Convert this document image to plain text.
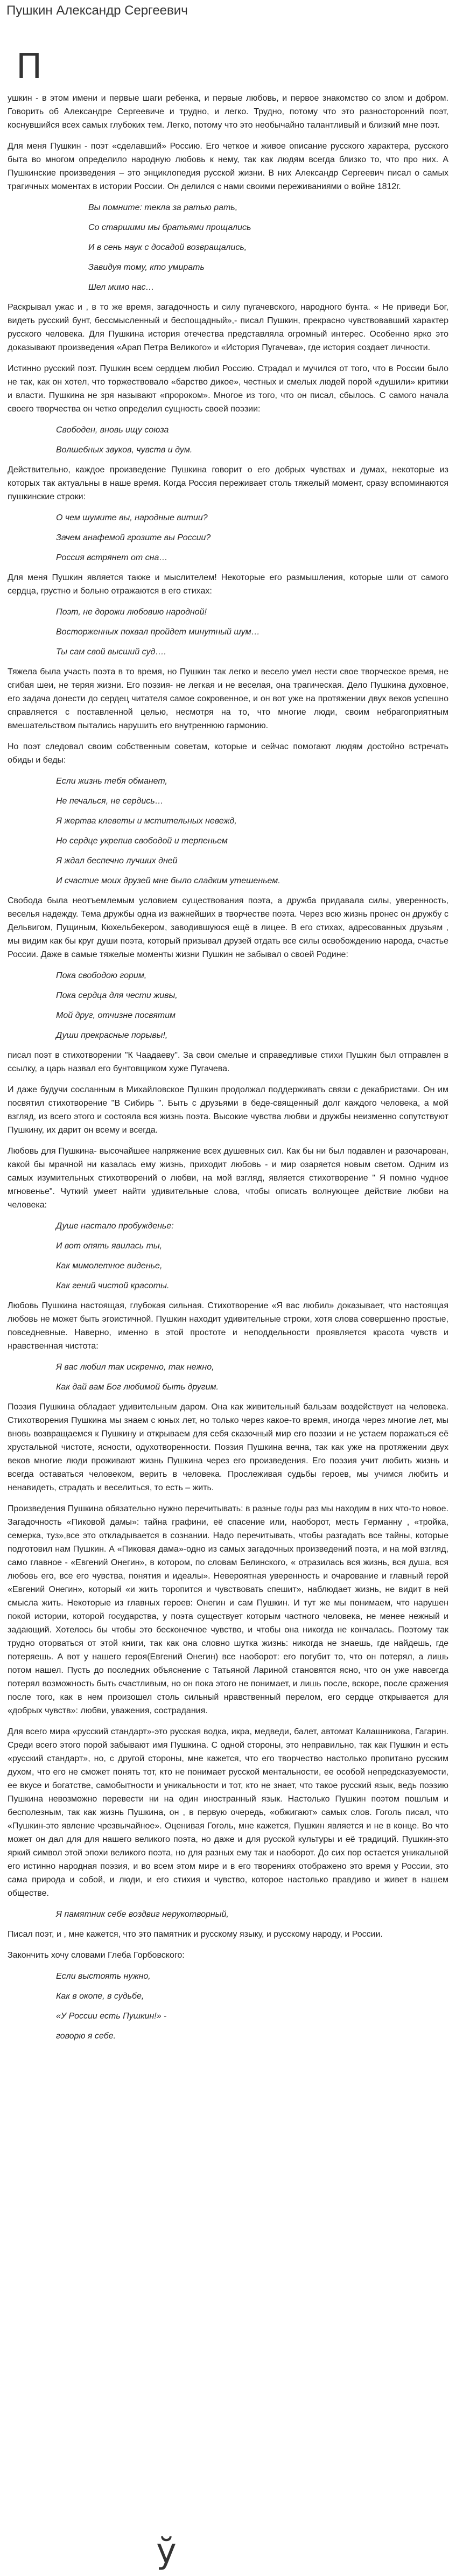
Пушкин Александр Сергеевич
П

ушкин - в этом имени и первые шаги ребенка, и первые любовь, и первое знакомство со злом и добром. Говорить об Александре Сергеевиче и трудно, и легко. Трудно, потому что это разносторонний поэт, коснувшийся всех самых глубоких тем. Легко, потому что это необычайно талантливый и близкий мне поэт.

Для меня Пушкин - поэт «сделавший» Россию. Его четкое и живое описание русского характера, русского быта во многом определило народную любовь к нему, так как людям всегда близко то, что про них. А Пушкинские произведения – это энциклопедия русской жизни. В них Александр Сергеевич писал о самых трагичных моментах в истории России. Он делился с нами своими переживаниями о войне 1812г.

Вы помните: текла за ратью рать,

Со старшими мы братьями прощались

И в сень наук с досадой возвращались,

Завидуя тому, кто умирать

Шел мимо нас…

Раскрывал ужас и , в то же время, загадочность и силу пугачевского, народного бунта. « Не приведи Бог, видеть русский бунт, бессмысленный и беспощадный»,- писал Пушкин, прекрасно чувствовавший характер русского человека. Для Пушкина история отечества представляла огромный интерес. Особенно ярко это доказывают произведения «Арап Петра Великого» и «История Пугачева», где история создает личности.

Истинно русский поэт. Пушкин всем сердцем любил Россию. Страдал и мучился от того, что в России было не так, как он хотел, что торжествовало «барство дикое», честных и смелых людей порой «душили» критики и власти. Пушкина не зря называют «пророком». Многое из того, что он писал, сбылось. С самого начала своего творчества он четко определил сущность своей поэзии:

Свободен, вновь ищу союза

Волшебных звуков, чувств и дум.

Действительно, каждое произведение Пушкина говорит о его добрых чувствах и думах, некоторые из которых так актуальны в наше время. Когда Россия переживает столь тяжелый момент, сразу вспоминаются пушкинские строки:

О чем шумите вы, народные витии?

Зачем анафемой грозите вы России?

Россия встрянет от сна…

Для меня Пушкин является также и мыслителем! Некоторые его размышления, которые шли от самого сердца, грустно и больно отражаются в его стихах:

Поэт, не дорожи любовию народной!

Восторженных похвал пройдет минутный шум…

Ты сам свой высший суд….

Тяжела была участь поэта в то время, но Пушкин так легко и весело умел нести свое творческое время, не сгибая шеи, не теряя жизни. Его поэзия- не легкая и не веселая, она трагическая. Дело Пушкина духовное, его задача донести до сердец читателя самое сокровенное, и он вот уже на протяжении двух веков успешно справляется с поставленной целью, несмотря на то, что многие люди, своим небрагоприятным вмешательством пытались нарушить его внутреннюю гармонию.

Но поэт следовал своим собственным советам, которые и сейчас помогают людям достойно встречать обиды и беды:

Если жизнь тебя обманет,

Не печалься, не сердись…

Я жертва клеветы и мстительных невежд,

Но сердце укрепив свободой и терпеньем

Я ждал беспечно лучших дней

И счастие моих друзей мне было сладким утешеньем.

Свобода была неотъемлемым условием существования поэта, а дружба придавала силы, уверенность, веселья надежду. Тема дружбы одна из важнейших в творчестве поэта. Через всю жизнь пронес он дружбу с Дельвигом, Пущиным, Кюхельбекером, заводившуюся ещё в лицее. В его стихах, адресованных друзьям , мы видим как бы круг души поэта, который призывал друзей отдать все силы освобождению народа, счастье России. Даже в самые тяжелые моменты жизни Пушкин не забывал о своей Родине:

Пока свободою горим,

Пока сердца для чести живы,

Мой друг, отчизне посвятим

Души прекрасные порывы!,

писал поэт в стихотворении "К Чаадаеву". За свои смелые и справедливые стихи Пушкин был отправлен в ссылку, а царь назвал его бунтовщиком хуже Пугачева.

И даже будучи сосланным в Михайловское Пушкин продолжал поддерживать связи с декабристами. Он им посвятил стихотворение "В Сибирь ". Быть с друзьями в беде-священный долг каждого человека, а мой взгляд, из всего этого и состояла вся жизнь поэта. Высокие чувства любви и дружбы неизменно сопутствуют Пушкину, их дарит он всему и всегда.

Любовь для Пушкина- высочайшее напряжение всех душевных сил. Как бы ни был подавлен и разочарован, какой бы мрачной ни казалась ему жизнь, приходит любовь - и мир озаряется новым светом. Одним из самых изумительных стихотворений о любви, на мой взгляд, является стихотворение " Я помню чудное мгновенье". Чуткий умеет найти удивительные слова, чтобы описать волнующее действие любви на человека:

Душе настало пробужденье:

И вот опять явилась ты,

Как мимолетное виденье,

Как гений чистой красоты.

Любовь Пушкина настоящая, глубокая сильная. Стихотворение «Я вас любил» доказывает, что настоящая любовь не может быть эгоистичной. Пушкин находит удивительные строки, хотя слова совершенно простые, повседневные. Наверно, именно в этой простоте и неподдельности проявляется красота чувств и нравственная чистота:

Я вас любил так искренно, так нежно,

Как дай вам Бог любимой быть другим.

Поэзия Пушкина обладает удивительным даром. Она как живительный бальзам воздействует на человека. Стихотворения Пушкина мы знаем с юных лет, но только через какое-то время, иногда через многие лет, мы вновь возвращаемся к Пушкину и открываем для себя сказочный мир его поэзии и не устаем поражаться её хрустальной чистоте, ясности, одухотворенности. Поэзия Пушкина вечна, так как уже на протяжении двух веков многие люди проживают жизнь Пушкина через его произведения. Его поэзия учит любить жизнь и всегда оставаться человеком, верить в человека. Прослеживая судьбы героев, мы учимся любить и ненавидеть, страдать и веселиться, то есть – жить.

Произведения Пушкина обязательно нужно перечитывать: в разные годы раз мы находим в них что-то новое. Загадочность «Пиковой дамы»: тайна графини, её спасение или, наоборот, месть Германну , «тройка, семерка, туз»,все это откладывается в сознании. Надо перечитывать, чтобы разгадать все тайны, которые подготовил нам Пушкин. А «Пиковая дама»-одно из самых загадочных произведений поэта, и на мой взгляд, само главное - «Евгений Онегин», в котором, по словам Белинского, « отразилась вся жизнь, вся душа, вся любовь его, все его чувства, понятия и идеалы». Невероятная уверенность и очарование и главный герой «Евгений Онегин», который «и жить торопится и чувствовать спешит», наблюдает жизнь, не видит в ней смысла жить. Некоторые из главных героев: Онегин и сам Пушкин. И тут же мы понимаем, что нарушен покой истории, которой государства, у поэта существует которым частного человека, не менее нежный и задающий. Хотелось бы чтобы это бесконечное чувство, и чтобы она никогда не кончалась. Поэтому так трудно оторваться от этой книги, так как она словно шутка жизнь: никогда не знаешь, где найдешь, где потеряешь. А вот у нашего героя(Евгений Онегин) все наоборот: его погубит то, что он потерял, а лишь потом нашел. Пусть до последних объяснение с Татьяной Лариной становятся ясно, что он уже навсегда потерял возможность быть счастливым, но он пока этого не понимает, и лишь после, вскоре, после сражения после того, как в нем произошел столь сильный нравственный перелом, его сердце открывается для «добрых чувств»: любви, уважения, сострадания.

Для всего мира «русский стандарт»-это русская водка, икра, медведи, балет, автомат Калашникова, Гагарин. Среди всего этого порой забывают имя Пушкина. С одной стороны, это неправильно, так как Пушкин и есть «русский стандарт», но, с другой стороны, мне кажется, что его творчество настолько пропитано русским духом, что его не сможет понять тот, кто не понимает русской ментальности, ее особой непредсказуемости, ее вкусе и богатстве, самобытности и уникальности и тот, кто не знает, что такое русский язык, ведь поэзию Пушкина невозможно перевести ни на один иностранный язык. Настолько Пушкин поэтом пошлым и бесполезным, так как жизнь Пушкина, он , в первую очередь, «обжигают» самых слов. Гоголь писал, что «Пушкин-это явление чрезвычайное». Оценивая Гоголь, мне кажется, Пушкин является и не в конце. Во что может он дал для для нашего великого поэта, но даже и для русской культуры и её традиций. Пушкин-это яркий символ этой эпохи великого поэта, но для разных ему так и наоборот. До сих пор остается уникальной его истинно народная поэзия, и во всем этом мире и в его творениях отображено это время у России, это сама природа и собой, и люди, и его стихия и чувство, которое настолько правдиво и живет в нашем обществе.

Я памятник себе воздвиг нерукотворный,

Писал поэт, и , мне кажется, что это памятник и русскому языку, и русскому народу, и России.

Закончить хочу словами Глеба Горбовского:

Если выстоять нужно,

Как в окопе, в судьбе,

«У России есть Пушкин!» -

говорю я себе.

ў
